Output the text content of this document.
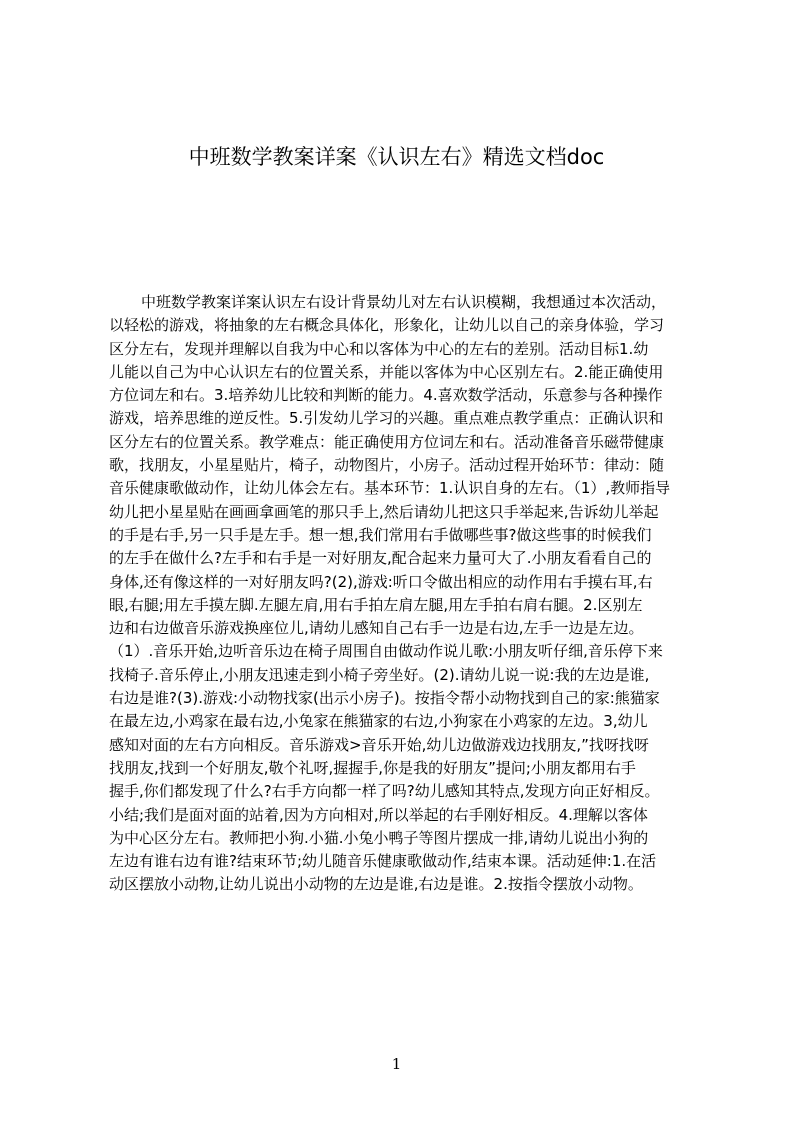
中班数学教案详案《认识左右》精选文档doc
中班数学教案详案认识左右设计背景幼儿对左右认识模糊，我想通过本次活动，
以轻松的游戏，将抽象的左右概念具体化，形象化，让幼儿以自己的亲身体验，学习
区分左右，发现并理解以自我为中心和以客体为中心的左右的差别。活动目标1.幼
儿能以自己为中心认识左右的位置关系，并能以客体为中心区别左右。2.能正确使用
方位词左和右。3.培养幼儿比较和判断的能力。4.喜欢数学活动，乐意参与各种操作
游戏，培养思维的逆反性。5.引发幼儿学习的兴趣。重点难点教学重点：正确认识和
区分左右的位置关系。教学难点：能正确使用方位词左和右。活动准备音乐磁带健康
歌，找朋友，小星星贴片，椅子，动物图片，小房子。活动过程开始环节：律动：随
音乐健康歌做动作，让幼儿体会左右。基本环节：1.认识自身的左右。（1）,教师指导
幼儿把小星星贴在画画拿画笔的那只手上,然后请幼儿把这只手举起来,告诉幼儿举起
的手是右手,另一只手是左手。想一想,我们常用右手做哪些事?做这些事的时候我们
的左手在做什么?左手和右手是一对好朋友,配合起来力量可大了.小朋友看看自己的
身体,还有像这样的一对好朋友吗?(2),游戏:听口令做出相应的动作用右手摸右耳,右
眼,右腿;用左手摸左脚.左腿左肩,用右手拍左肩左腿,用左手拍右肩右腿。2.区别左
边和右边做音乐游戏换座位儿,请幼儿感知自己右手一边是右边,左手一边是左边。
（1）.音乐开始,边听音乐边在椅子周围自由做动作说儿歌:小朋友听仔细,音乐停下来
找椅子.音乐停止,小朋友迅速走到小椅子旁坐好。(2).请幼儿说一说:我的左边是谁,
右边是谁?(3).游戏:小动物找家(出示小房子)。按指令帮小动物找到自己的家:熊猫家
在最左边,小鸡家在最右边,小兔家在熊猫家的右边,小狗家在小鸡家的左边。3,幼儿
感知对面的左右方向相反。音乐游戏>音乐开始,幼儿边做游戏边找朋友,”找呀找呀
找朋友,找到一个好朋友,敬个礼呀,握握手,你是我的好朋友”提问;小朋友都用右手
握手,你们都发现了什么?右手方向都一样了吗?幼儿感知其特点,发现方向正好相反。
小结;我们是面对面的站着,因为方向相对,所以举起的右手刚好相反。4.理解以客体
为中心区分左右。教师把小狗.小猫.小兔小鸭子等图片摆成一排,请幼儿说出小狗的
左边有谁右边有谁?结束环节;幼儿随音乐健康歌做动作,结束本课。活动延伸:1.在活
动区摆放小动物,让幼儿说出小动物的左边是谁,右边是谁。2.按指令摆放小动物。
1
